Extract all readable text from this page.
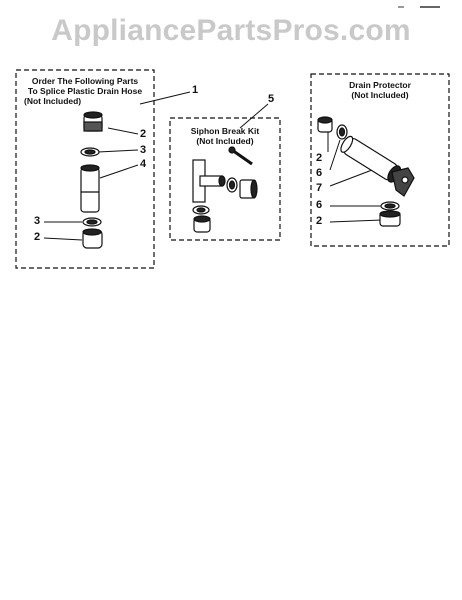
AppliancePartsPros.com
Order The Following Parts
To Splice Plastic Drain Hose
(Not Included)
Siphon Break Kit
(Not Included)
Drain Protector
(Not Included)
1
5
2
3
4
3
2
2
6
7
6
2
